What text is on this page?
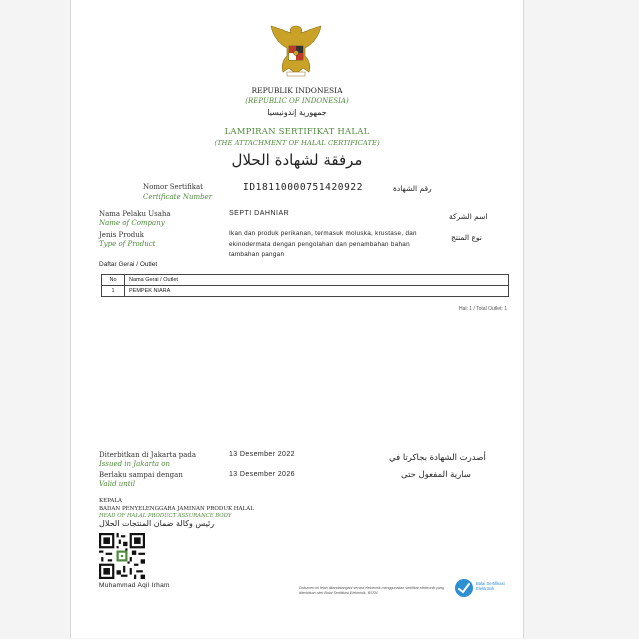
REPUBLIK INDONESIA
(REPUBLIC OF INDONESIA)
جمهورية إندونيسيا
LAMPIRAN SERTIFIKAT HALAL
(THE ATTACHMENT OF HALAL CERTIFICATE)
مرفقة لشهادة الحلال
Nomor Sertifikat
Certificate Number
ID18110000751420922	رقم الشهادة
Nama Pelaku Usaha
Name of Company
SEPTI DAHNIAR	اسم الشركة
Jenis Produk
Type of Product
Ikan dan produk perikanan, termasuk moluska, krustase, dan ekinodermata dengan pengolahan dan penambahan bahan tambahan pangan
نوع المنتج
Daftar Gerai / Outlet
No	Nama Gerai / Outlet
1	PEMPEK NIARA
Hal: 1 / Total Outlet: 1
Diterbitkan di Jakarta pada
Issued in Jakarta on
13 Desember 2022	أصدرت الشهادة بجاكرتا في
Berlaku sampai dengan
Valid until
13 Desember 2026	سارية المفعول حتى
KEPALA
BADAN PENYELENGGARA JAMINAN PRODUK HALAL
HEAD OF HALAL PRODUCT ASSURANCE BODY
رئيس وكالة ضمان المنتجات الحلال
Muhammad Aqil Irham	Dokumen ini telah ditandatangani secara elektronik menggunakan sertifikat elektronik yang diterbitkan oleh Balai Sertifikasi Elektronik, BSSN
Balai Sertifikasi Elektronik
